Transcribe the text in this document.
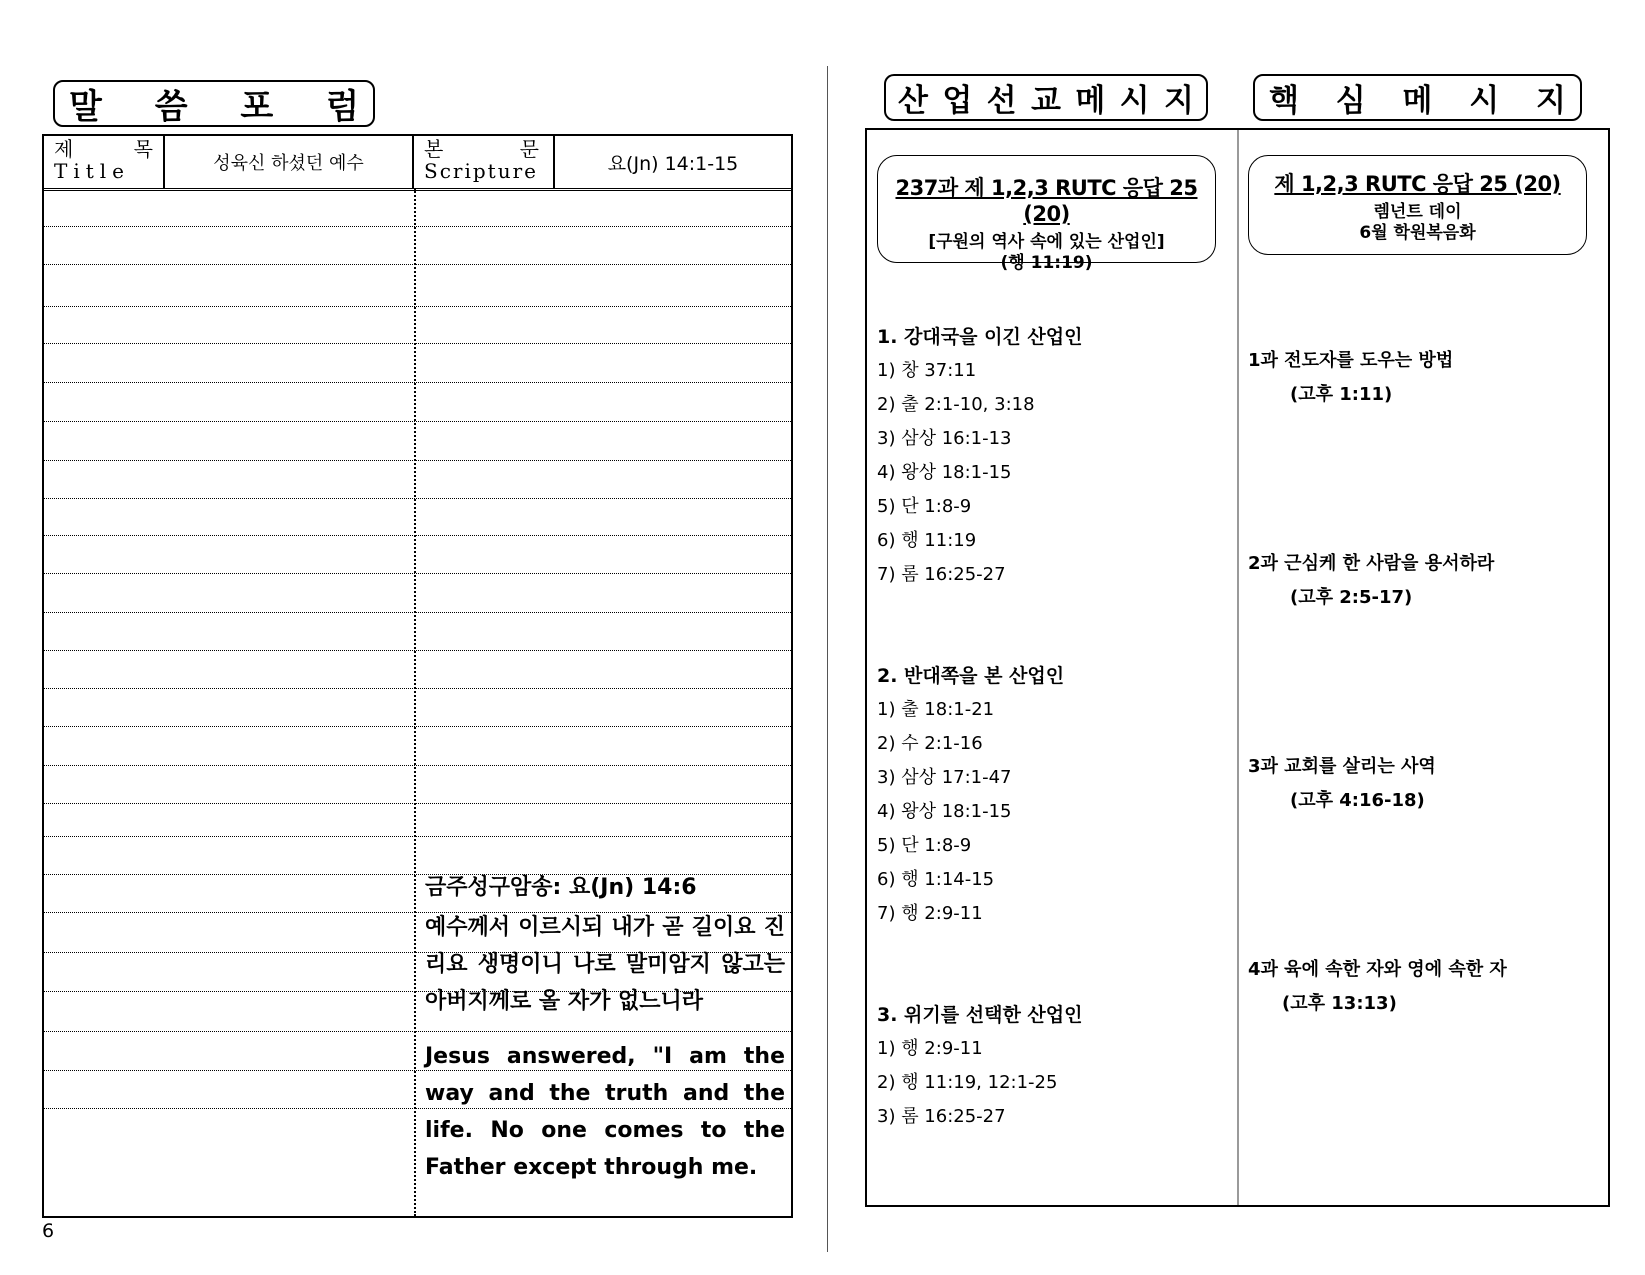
말 씀 포 럼
제	목
Title	성육신 하셨던 예수
본	문
Scripture	요(Jn) 14:1-15
금주성구암송: 요(Jn) 14:6
예수께서 이르시되 내가 곧 길이요 진리요 생명이니 나로 말미암지 않고는 아버지께로 올 자가 없느니라
Jesus answered, "I am the way and the truth and the life. No one comes to the Father except through me.
6
산 업 선 교 메 시 지 핵 심 메 시 지
237과 제 1,2,3 RUTC 응답 25 (20)
[구원의 역사 속에 있는 산업인]
(행 11:19)
제 1,2,3 RUTC 응답 25 (20)
렘넌트 데이
6월 학원복음화
1. 강대국을 이긴 산업인
1) 창 37:11
2) 출 2:1-10, 3:18
3) 삼상 16:1-13
4) 왕상 18:1-15
5) 단 1:8-9
6) 행 11:19
7) 롬 16:25-27
2. 반대쪽을 본 산업인
1) 출 18:1-21
2) 수 2:1-16
3) 삼상 17:1-47
4) 왕상 18:1-15
5) 단 1:8-9
6) 행 1:14-15
7) 행 2:9-11
3. 위기를 선택한 산업인
1) 행 2:9-11
2) 행 11:19, 12:1-25
3) 롬 16:25-27
1과 전도자를 도우는 방법
(고후 1:11)
2과 근심케 한 사람을 용서하라
(고후 2:5-17)
3과 교회를 살리는 사역
(고후 4:16-18)
4과 육에 속한 자와 영에 속한 자
(고후 13:13)
